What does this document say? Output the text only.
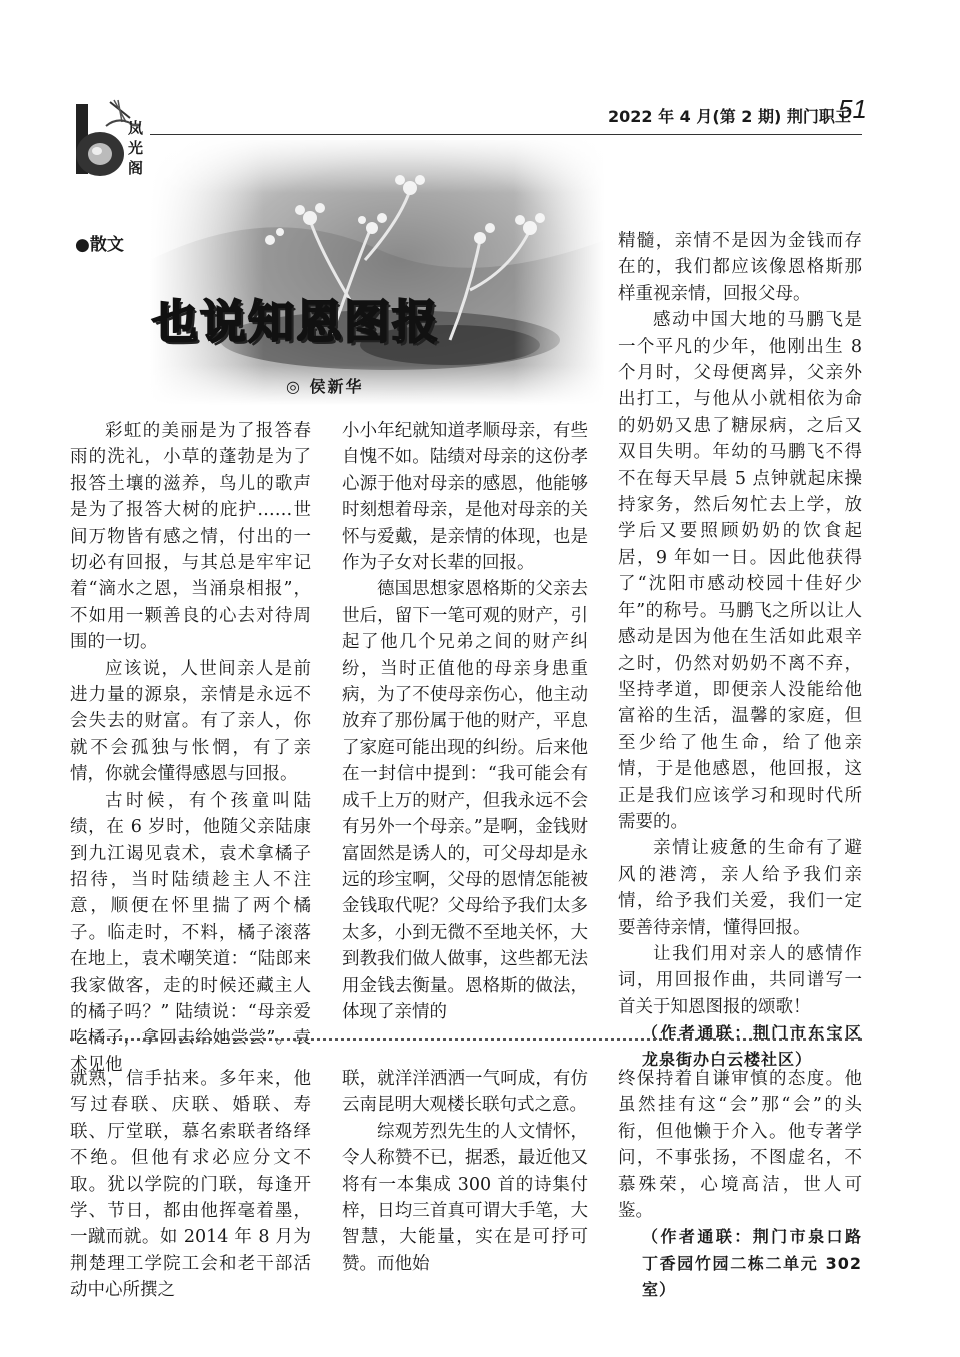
岚光阁
2022 年 4 月(第 2 期) 荆门职工
51
●散文
也说知恩图报
◎ 侯新华

彩虹的美丽是为了报答春雨的洗礼，小草的蓬勃是为了报答土壤的滋养，鸟儿的歌声是为了报答大树的庇护……世间万物皆有感之情，付出的一切必有回报，与其总是牢牢记着“滴水之恩，当涌泉相报”，不如用一颗善良的心去对待周围的一切。

应该说，人世间亲人是前进力量的源泉，亲情是永远不会失去的财富。有了亲人，你就不会孤独与怅惘，有了亲情，你就会懂得感恩与回报。

古时候，有个孩童叫陆绩，在 6 岁时，他随父亲陆康到九江谒见袁术，袁术拿橘子招待，当时陆绩趁主人不注意，顺便在怀里揣了两个橘子。临走时，不料，橘子滚落在地上，袁术嘲笑道：“陆郎来我家做客，走的时候还藏主人的橘子吗？” 陆绩说：“母亲爱吃橘子，拿回去给她尝尝”。袁术见他

小小年纪就知道孝顺母亲，有些自愧不如。陆绩对母亲的这份孝心源于他对母亲的感恩，他能够时刻想着母亲，是他对母亲的关怀与爱戴，是亲情的体现，也是作为子女对长辈的回报。

德国思想家恩格斯的父亲去世后，留下一笔可观的财产，引起了他几个兄弟之间的财产纠纷，当时正值他的母亲身患重病，为了不使母亲伤心，他主动放弃了那份属于他的财产，平息了家庭可能出现的纠纷。后来他在一封信中提到：“我可能会有成千上万的财产，但我永远不会有另外一个母亲。”是啊，金钱财富固然是诱人的，可父母却是永远的珍宝啊，父母的恩情怎能被金钱取代呢？父母给予我们太多太多，小到无微不至地关怀，大到教我们做人做事，这些都无法用金钱去衡量。恩格斯的做法，体现了亲情的

精髓，亲情不是因为金钱而存在的，我们都应该像恩格斯那样重视亲情，回报父母。

感动中国大地的马鹏飞是一个平凡的少年，他刚出生 8 个月时，父母便离异，父亲外出打工，与他从小就相依为命的奶奶又患了糖尿病，之后又双目失明。年幼的马鹏飞不得不在每天早晨 5 点钟就起床操持家务，然后匆忙去上学，放学后又要照顾奶奶的饮食起居，9 年如一日。因此他获得了“沈阳市感动校园十佳好少年”的称号。马鹏飞之所以让人感动是因为他在生活如此艰辛之时，仍然对奶奶不离不弃，坚持孝道，即便亲人没能给他富裕的生活，温馨的家庭，但至少给了他生命，给了他亲情，于是他感恩，他回报，这正是我们应该学习和现时代所需要的。

亲情让疲惫的生命有了避风的港湾，亲人给予我们亲情，给予我们关爱，我们一定要善待亲情，懂得回报。

让我们用对亲人的感情作词，用回报作曲，共同谱写一首关于知恩图报的颂歌！

（作者通联：荆门市东宝区龙泉街办白云楼社区）

就熟，信手拈来。多年来，他写过春联、庆联、婚联、寿联、厅堂联，慕名索联者络绎不绝。但他有求必应分文不取。犹以学院的门联，每逢开学、节日，都由他挥毫着墨，一蹴而就。如 2014 年 8 月为荆楚理工学院工会和老干部活动中心所撰之

联，就洋洋洒洒一气呵成，有仿云南昆明大观楼长联句式之意。

综观芳烈先生的人文情怀，令人称赞不已，据悉，最近他又将有一本集成 300 首的诗集付梓，日均三首真可谓大手笔，大智慧，大能量，实在是可抒可赞。而他始

终保持着自谦审慎的态度。他虽然挂有这“会”那“会”的头衔，但他懒于介入。他专著学问，不事张扬，不图虚名，不慕殊荣，心境高洁，世人可鉴。

（作者通联：荆门市泉口路丁香园竹园二栋二单元 302 室）
